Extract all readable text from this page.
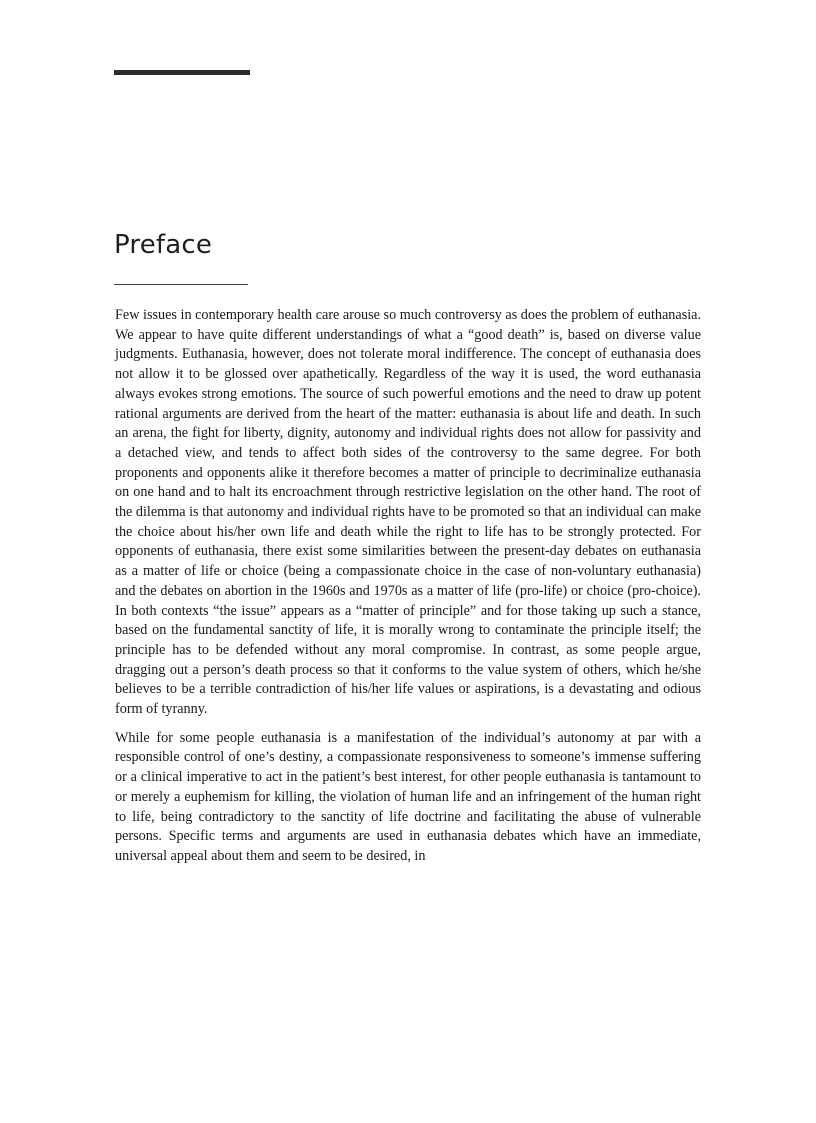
Preface

Few issues in contemporary health care arouse so much controversy as does the problem of euthanasia. We appear to have quite different understandings of what a “good death” is, based on diverse value judgments. Euthanasia, however, does not tolerate moral indifference. The concept of euthanasia does not allow it to be glossed over apathetically. Regardless of the way it is used, the word euthanasia always evokes strong emotions. The source of such powerful emotions and the need to draw up potent rational arguments are derived from the heart of the matter: euthanasia is about life and death. In such an arena, the fight for liberty, dignity, autonomy and individual rights does not allow for passivity and a detached view, and tends to affect both sides of the controversy to the same degree. For both proponents and opponents alike it therefore becomes a matter of principle to decriminalize euthanasia on one hand and to halt its encroachment through restrictive legislation on the other hand. The root of the dilemma is that autonomy and individual rights have to be promoted so that an individual can make the choice about his/her own life and death while the right to life has to be strongly protected. For opponents of euthanasia, there exist some similarities between the present-day debates on euthanasia as a matter of life or choice (being a compassionate choice in the case of non-voluntary euthanasia) and the debates on abortion in the 1960s and 1970s as a matter of life (pro-life) or choice (pro-choice). In both contexts “the issue” appears as a “matter of principle” and for those taking up such a stance, based on the fundamental sanctity of life, it is morally wrong to contaminate the principle itself; the principle has to be defended without any moral compromise. In contrast, as some people argue, dragging out a person’s death process so that it conforms to the value system of others, which he/she believes to be a terrible contradiction of his/her life values or aspirations, is a devastating and odious form of tyranny.

While for some people euthanasia is a manifestation of the individual’s autonomy at par with a responsible control of one’s destiny, a compassionate responsiveness to someone’s immense suffering or a clinical imperative to act in the patient’s best interest, for other people euthanasia is tantamount to or merely a euphemism for killing, the violation of human life and an infringement of the human right to life, being contradictory to the sanctity of life doctrine and facilitating the abuse of vulnerable persons. Specific terms and arguments are used in euthanasia debates which have an immediate, universal appeal about them and seem to be desired, in
